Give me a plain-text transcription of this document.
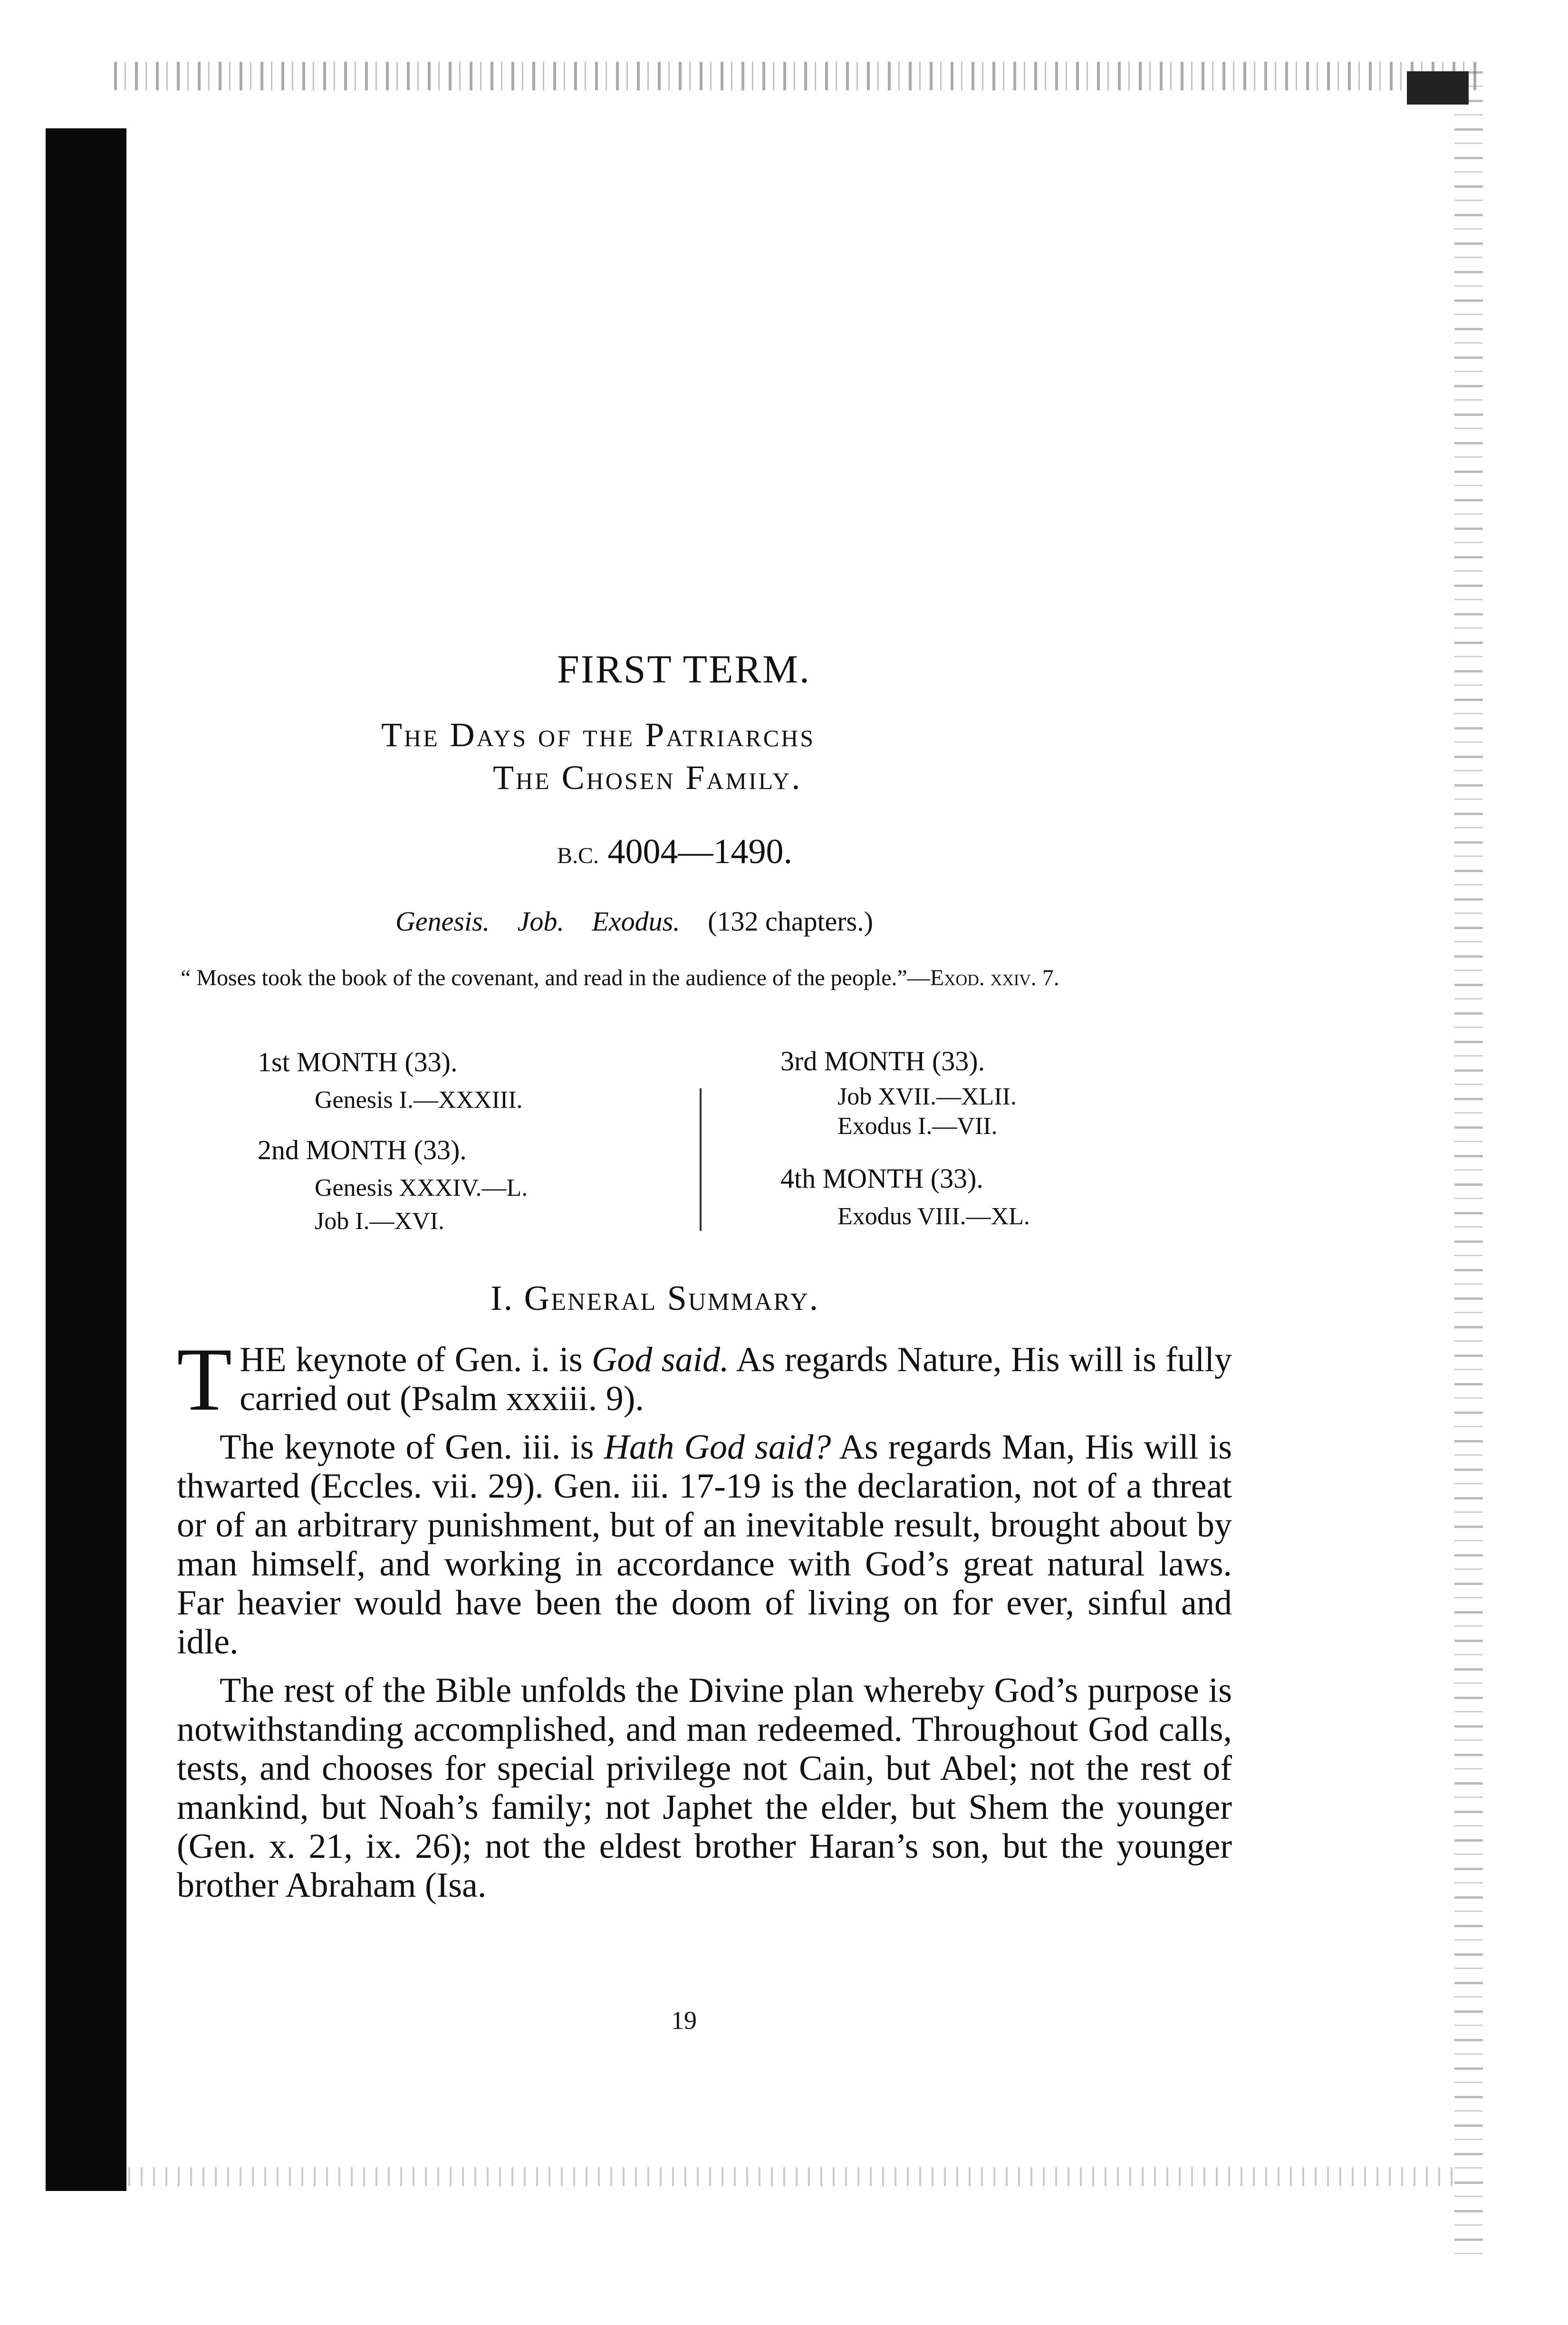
FIRST TERM.
The Days of the Patriarchs
The Chosen Family.
B.C. 4004—1490.
Genesis. Job. Exodus. (132 chapters.)
“ Moses took the book of the covenant, and read in the audience of the people.”—Exod. xxiv. 7.
1st MONTH (33).
Genesis I.—XXXIII.
2nd MONTH (33).
Genesis XXXIV.—L.
Job I.—XVI.
3rd MONTH (33).
Job XVII.—XLII.
Exodus I.—VII.
4th MONTH (33).
Exodus VIII.—XL.
I. General Summary.

THE keynote of Gen. i. is God said. As regards Nature, His will is fully carried out (Psalm xxxiii. 9).

The keynote of Gen. iii. is Hath God said? As regards Man, His will is thwarted (Eccles. vii. 29). Gen. iii. 17-19 is the declaration, not of a threat or of an arbitrary punishment, but of an inevitable result, brought about by man himself, and working in accordance with God’s great natural laws. Far heavier would have been the doom of living on for ever, sinful and idle.

The rest of the Bible unfolds the Divine plan whereby God’s purpose is notwithstanding accomplished, and man redeemed. Throughout God calls, tests, and chooses for special privilege not Cain, but Abel; not the rest of mankind, but Noah’s family; not Japhet the elder, but Shem the younger (Gen. x. 21, ix. 26); not the eldest brother Haran’s son, but the younger brother Abraham (Isa.

19
